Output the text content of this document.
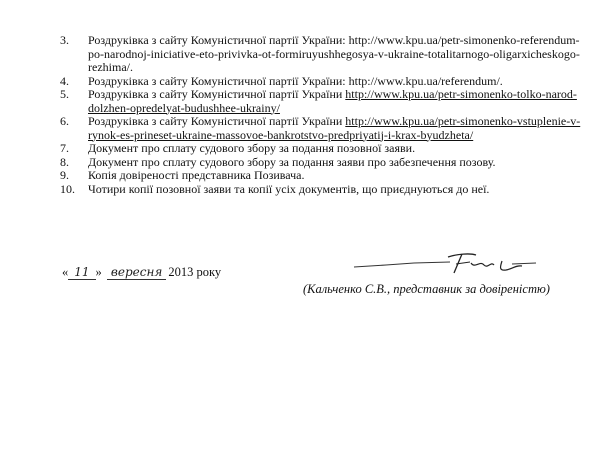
3. Роздруківка з сайту Комуністичної партії України: http://www.kpu.ua/petr-simonenko-referendum-po-narodnoj-iniciative-eto-privivka-ot-formiruyushhegosya-v-ukraine-totalitarnogo-oligarxicheskogo-rezhima/.

4. Роздруківка з сайту Комуністичної партії України: http://www.kpu.ua/referendum/.

5. Роздруківка з сайту Комуністичної партії України http://www.kpu.ua/petr-simonenko-tolko-narod-dolzhen-opredelyat-budushhee-ukrainy/

6. Роздруківка з сайту Комуністичної партії України http://www.kpu.ua/petr-simonenko-vstuplenie-v-rynok-es-prineset-ukraine-massovoe-bankrotstvo-predpriyatij-i-krax-byudzheta/

7. Документ про сплату судового збору за подання позовної заяви.

8. Документ про сплату судового збору за подання заяви про забезпечення позову.

9. Копія довіреності представника Позивача.

10. Чотири копії позовної заяви та копії усіх документів, що приєднуються до неї.

« 11 » вересня 2013 року
(Кальченко С.В., представник за довіреністю)
